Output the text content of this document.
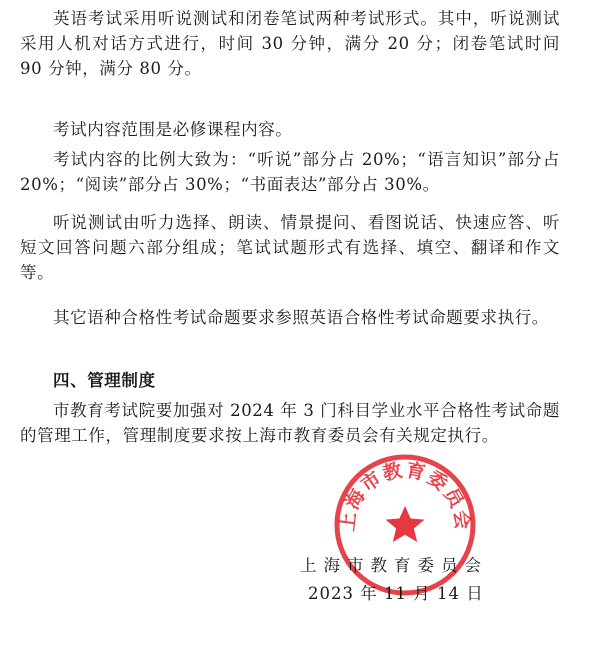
英语考试采用听说测试和闭卷笔试两种考试形式。其中，听说测试采用人机对话方式进行，时间 30 分钟，满分 20 分；闭卷笔试时间 90 分钟，满分 80 分。

考试内容范围是必修课程内容。

考试内容的比例大致为：“听说”部分占 20%；“语言知识”部分占 20%；“阅读”部分占 30%；“书面表达”部分占 30%。

听说测试由听力选择、朗读、情景提问、看图说话、快速应答、听短文回答问题六部分组成；笔试试题形式有选择、填空、翻译和作文等。

其它语种合格性考试命题要求参照英语合格性考试命题要求执行。

四、管理制度

市教育考试院要加强对 2024 年 3 门科目学业水平合格性考试命题的管理工作，管理制度要求按上海市教育委员会有关规定执行。

上海市教育委员会
2023 年 11 月 14 日
上海市教育委员会
